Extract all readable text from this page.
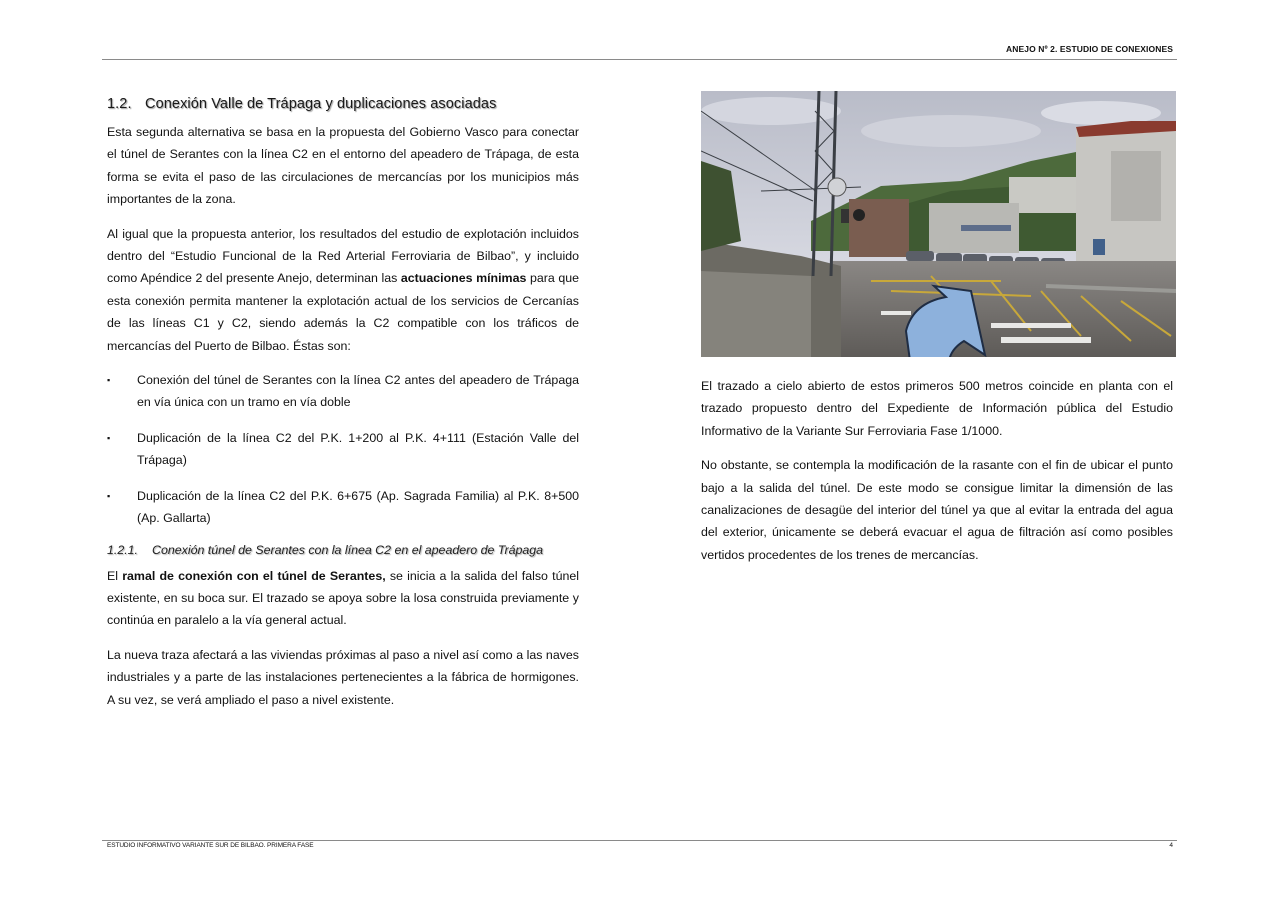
ANEJO Nº 2. ESTUDIO DE CONEXIONES
1.2. Conexión Valle de Trápaga y duplicaciones asociadas

Esta segunda alternativa se basa en la propuesta del Gobierno Vasco para conectar el túnel de Serantes con la línea C2 en el entorno del apeadero de Trápaga, de esta forma se evita el paso de las circulaciones de mercancías por los municipios más importantes de la zona.

Al igual que la propuesta anterior, los resultados del estudio de explotación incluidos dentro del “Estudio Funcional de la Red Arterial Ferroviaria de Bilbao”, y incluido como Apéndice 2 del presente Anejo, determinan las actuaciones mínimas para que esta conexión permita mantener la explotación actual de los servicios de Cercanías de las líneas C1 y C2, siendo además la C2 compatible con los tráficos de mercancías del Puerto de Bilbao. Éstas son:

▪ Conexión del túnel de Serantes con la línea C2 antes del apeadero de Trápaga en vía única con un tramo en vía doble
▪ Duplicación de la línea C2 del P.K. 1+200 al P.K. 4+111 (Estación Valle del Trápaga)
▪ Duplicación de la línea C2 del P.K. 6+675 (Ap. Sagrada Familia) al P.K. 8+500 (Ap. Gallarta)
1.2.1. Conexión túnel de Serantes con la línea C2 en el apeadero de Trápaga

El ramal de conexión con el túnel de Serantes, se inicia a la salida del falso túnel existente, en su boca sur. El trazado se apoya sobre la losa construida previamente y continúa en paralelo a la vía general actual.

La nueva traza afectará a las viviendas próximas al paso a nivel así como a las naves industriales y a parte de las instalaciones pertenecientes a la fábrica de hormigones. A su vez, se verá ampliado el paso a nivel existente.

El trazado a cielo abierto de estos primeros 500 metros coincide en planta con el trazado propuesto dentro del Expediente de Información pública del Estudio Informativo de la Variante Sur Ferroviaria Fase 1/1000.

No obstante, se contempla la modificación de la rasante con el fin de ubicar el punto bajo a la salida del túnel. De este modo se consigue limitar la dimensión de las canalizaciones de desagüe del interior del túnel ya que al evitar la entrada del agua del exterior, únicamente se deberá evacuar el agua de filtración así como posibles vertidos procedentes de los trenes de mercancías.

ESTUDIO INFORMATIVO VARIANTE SUR DE BILBAO. PRIMERA FASE	4
